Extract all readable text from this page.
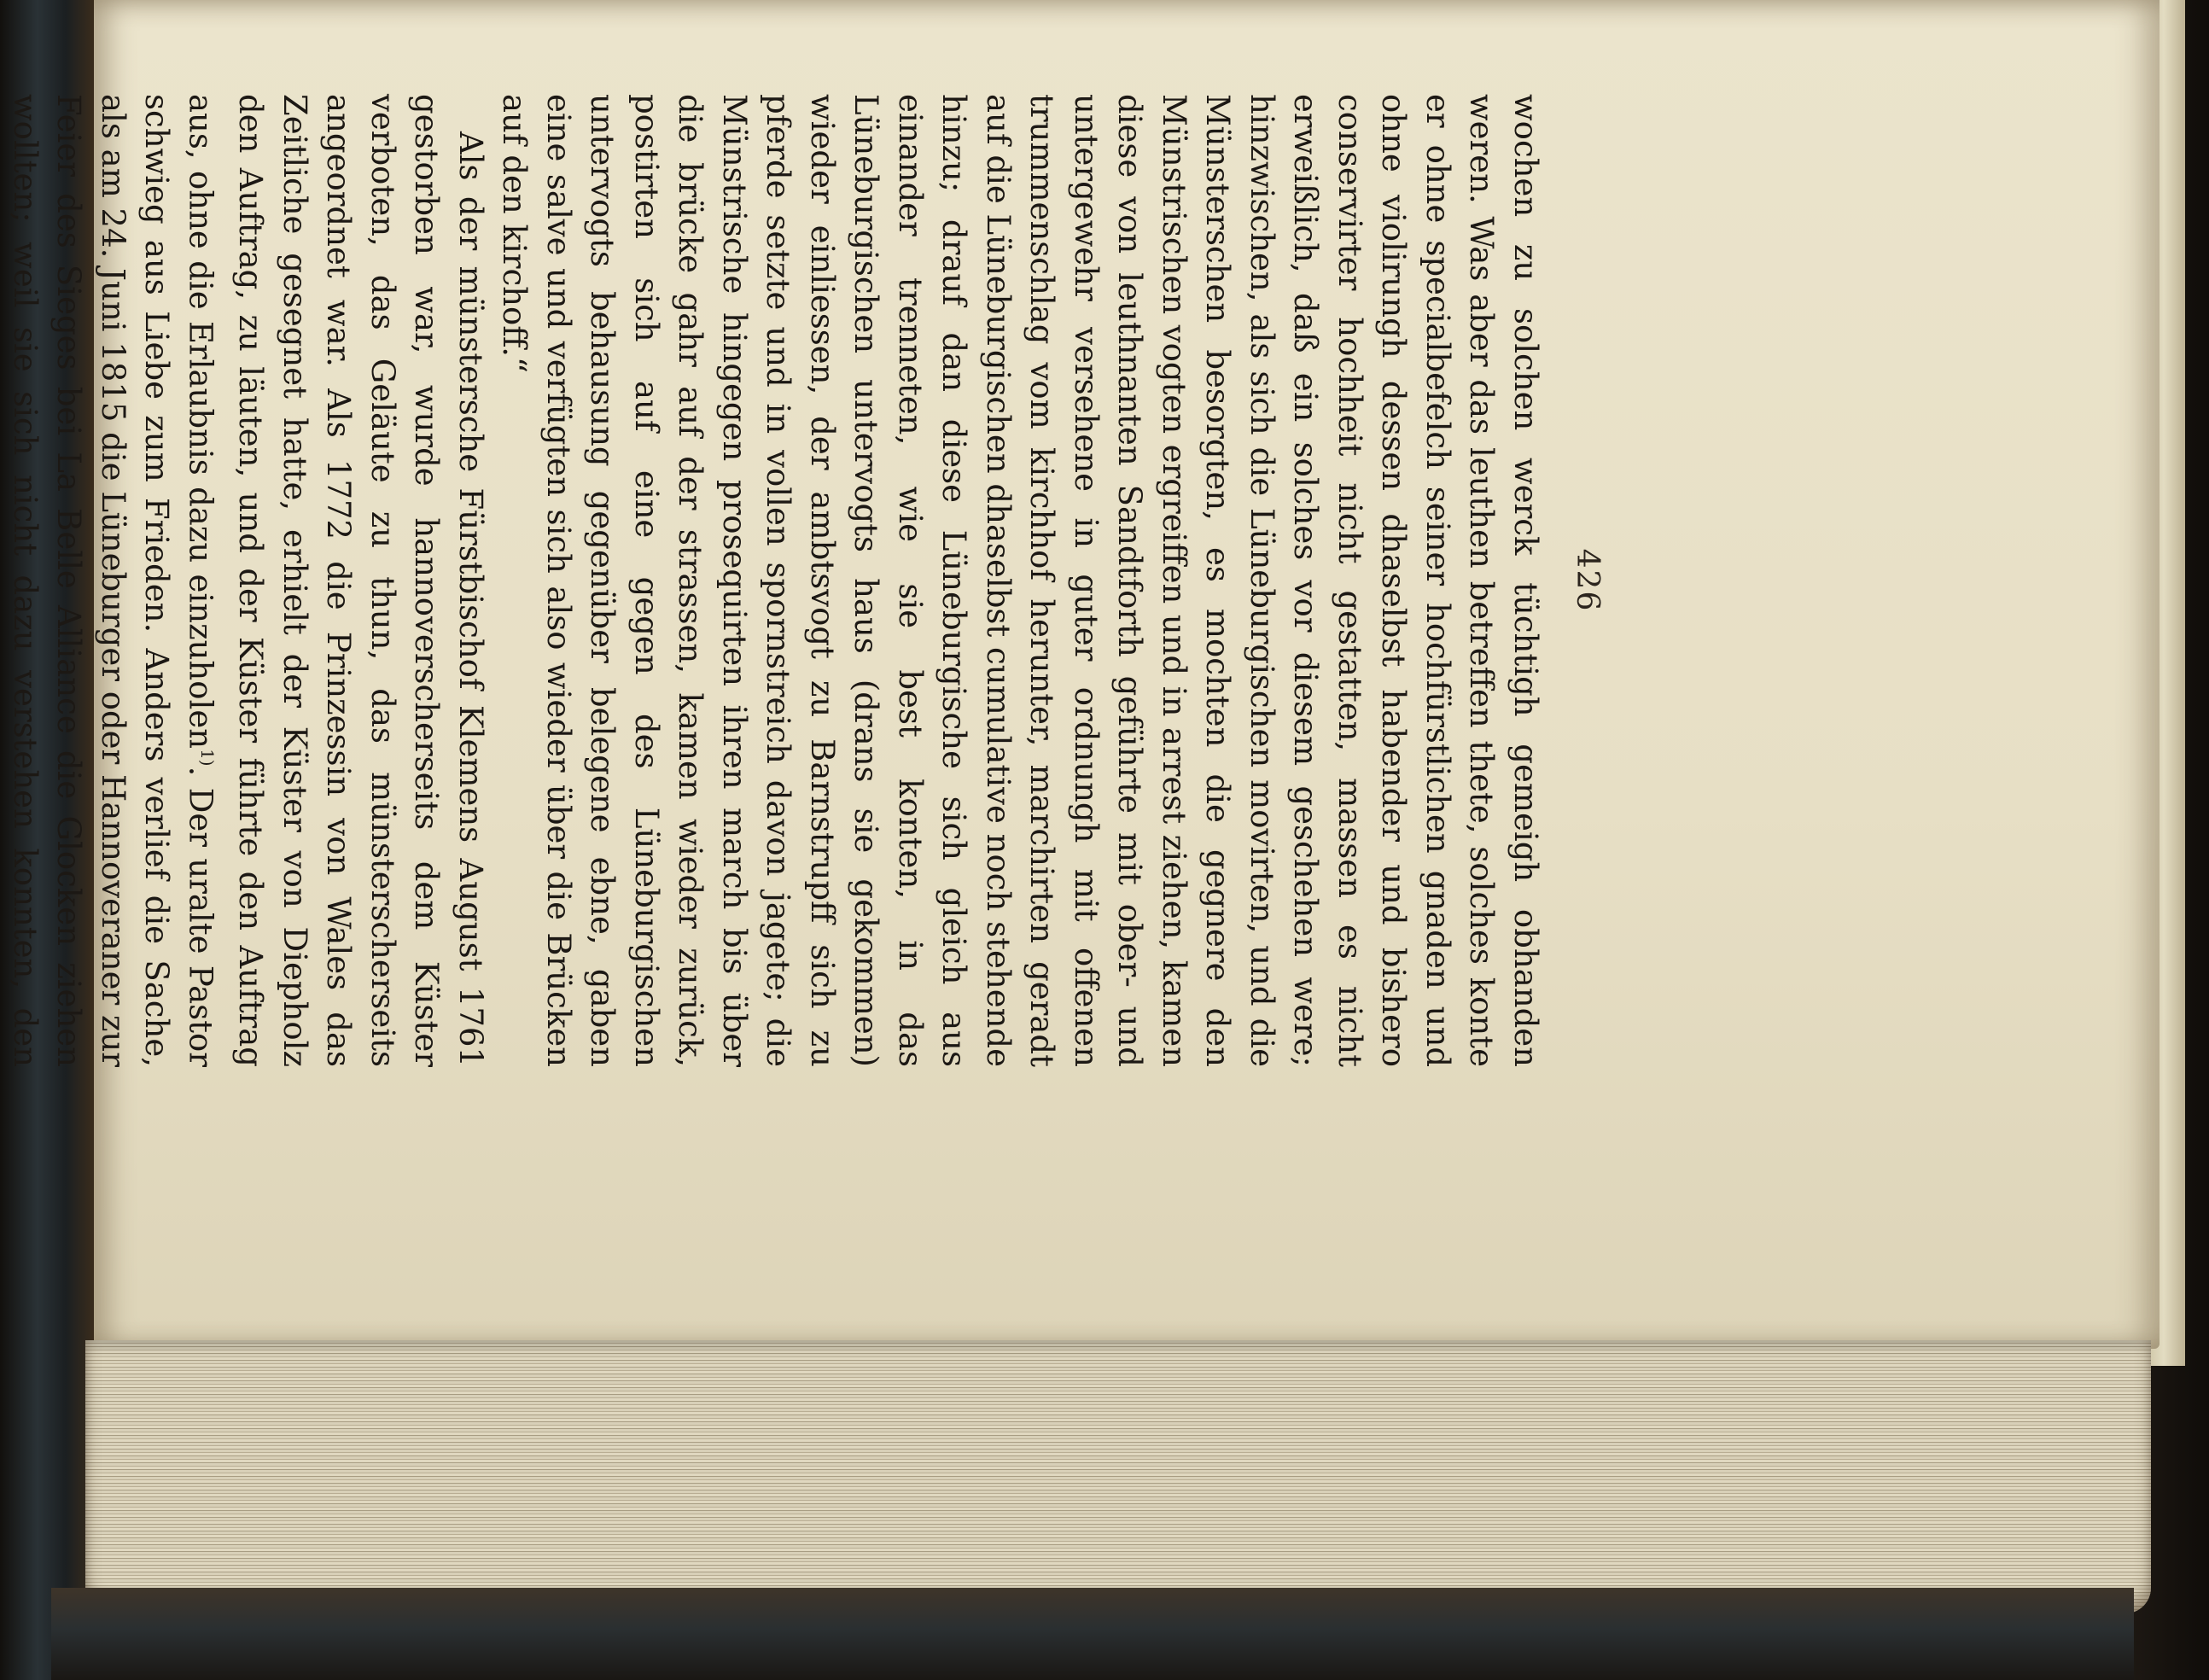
426

wochen zu solchen werck tüchtigh gemeigh obhanden weren. Was aber das leuthen betreffen thete, solches konte er ohne specialbefelch seiner hochfürstlichen gnaden und ohne violirungh dessen dhaselbst habender und bishero conservirter hochheit nicht gestatten, massen es nicht erweißlich, daß ein solches vor diesem geschehen were; hinzwischen, als sich die Lüneburgischen movirten, und die Münsterschen besorgten, es mochten die gegnere den Münstrischen vogten ergreiffen und in arrest ziehen, kamen diese von leuthnanten Sandtforth geführte mit ober- und untergewehr versehene in guter ordnungh mit offenen trummenschlag vom kirchhof herunter, marchirten geradt auf die Lüneburgischen dhaselbst cumulative noch stehende hinzu; drauf dan diese Lüneburgische sich gleich aus einander trenneten, wie sie best konten, in das Lüneburgischen untervogts haus (drans sie gekommen) wieder einliessen, der ambtsvogt zu Barnstrupff sich zu pferde setzte und in vollen spornstreich davon jagete; die Münstrische hingegen prosequirten ihren march bis über die brücke gahr auf der strassen, kamen wieder zurück, postirten sich auf eine gegen des Lüneburgischen untervogts behausung gegenüber belegene ebne, gaben eine salve und verfügten sich also wieder über die Brücken auf den kirchoff.“

Als der münstersche Fürstbischof Klemens August 1761 gestorben war, wurde hannoverscherseits dem Küster verboten, das Geläute zu thun, das münsterscherseits angeordnet war. Als 1772 die Prinzessin von Wales das Zeitliche gesegnet hatte, erhielt der Küster von Diepholz den Auftrag, zu läuten, und der Küster führte den Auftrag aus, ohne die Erlaubnis dazu einzuholen$^{1)}$. Der uralte Pastor schwieg aus Liebe zum Frieden. Anders verlief die Sache, als am 24. Juni 1815 die Lüneburger oder Hannoveraner zur Feier des Sieges bei La Belle Alliance die Glocken ziehen wollten; weil sie sich nicht dazu verstehen konnten, den
